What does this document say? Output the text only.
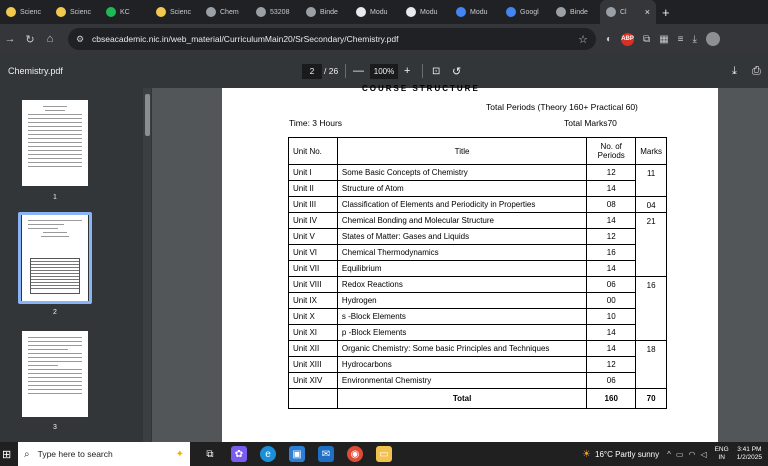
Scienc	Scienc	KC	Scienc	Chem	53208	Binde	Modu	Modu	Modu	Googl	Binde	Cl × +
→ ↻	⌂	⚙ cbseacademic.nic.in/web_material/CurriculumMain20/SrSecondary/Chemistry.pdf	☆ ◐ ABP ⧉ ▦ ≡ ⤓
Chemistry.pdf	2	/ 26 —	100% + ⊡ ↺	⤓ ⎙
1
2
3
COURSE STRUCTURE
Total Periods (Theory 160+ Practical 60)
Time: 3 Hours	Total Marks70
Unit No.	Title	No. of Periods	Marks
Unit I	Some Basic Concepts of Chemistry	12	11
Unit II	Structure of Atom	14	
Unit III	Classification of Elements and Periodicity in Properties	08	04
Unit IV	Chemical Bonding and Molecular Structure	14	21
Unit V	States of Matter: Gases and Liquids	12	
Unit VI	Chemical Thermodynamics	16	
Unit VII	Equilibrium	14	
Unit VIII	Redox Reactions	06	16
Unit IX	Hydrogen	00	
Unit X	s -Block Elements	10	
Unit XI	p -Block Elements	14	
Unit XII	Organic Chemistry: Some basic Principles and Techniques	14	18
Unit XIII	Hydrocarbons	12	
Unit XIV	Environmental Chemistry	06	
	Total	160	70
⊞	⌕ Type here to search	✦	⧉	✿	e	▣	✉	◉	▭	☀ 16°C Partly sunny ^ ▭ ◠ ◁ ENG
IN
3:41 PM
1/2/2025
